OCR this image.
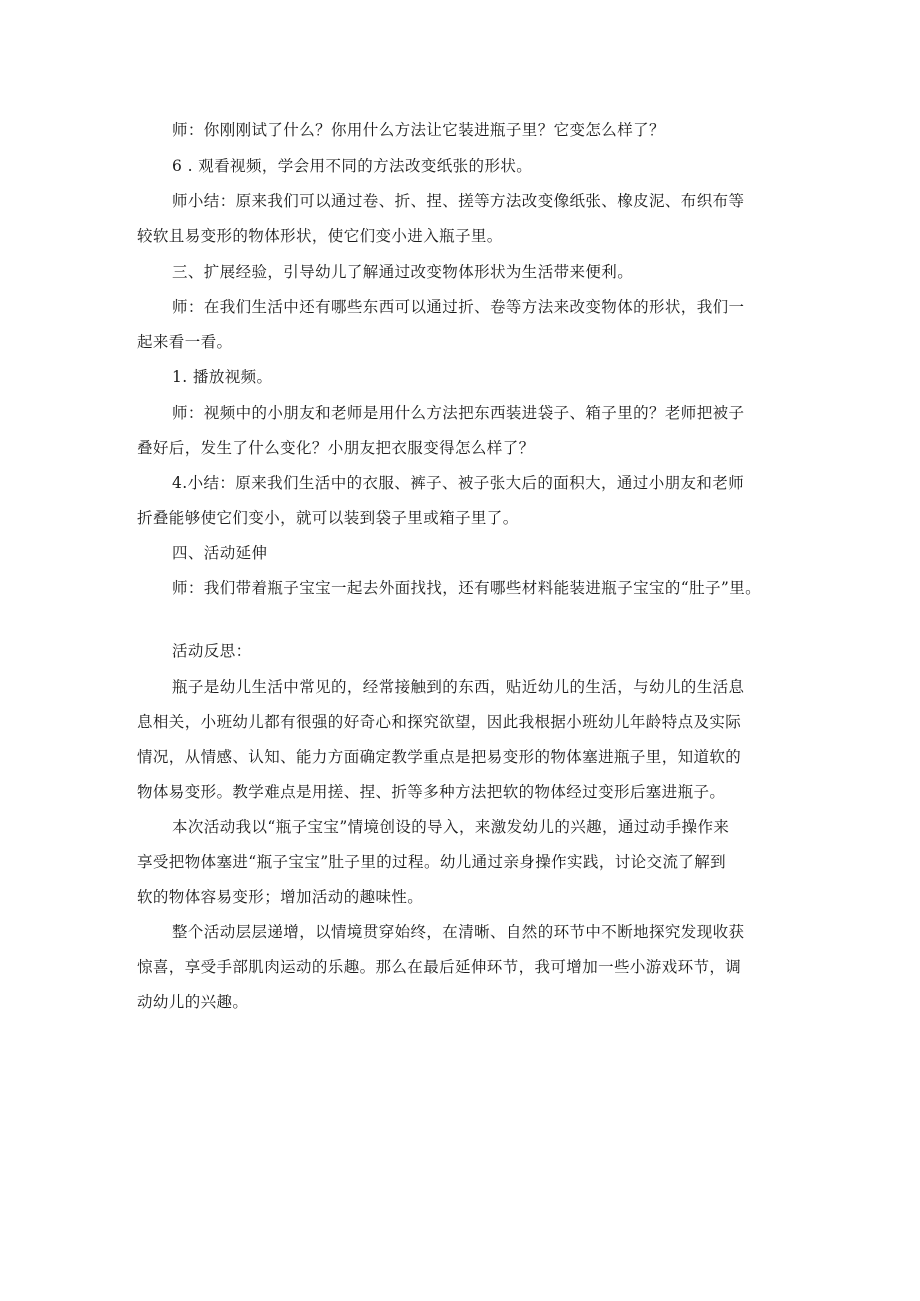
师：你刚刚试了什么？你用什么方法让它装进瓶子里？它变怎么样了？
6 . 观看视频，学会用不同的方法改变纸张的形状。
师小结：原来我们可以通过卷、折、捏、搓等方法改变像纸张、橡皮泥、布织布等
较软且易变形的物体形状，使它们变小进入瓶子里。
三、扩展经验，引导幼儿了解通过改变物体形状为生活带来便利。
师：在我们生活中还有哪些东西可以通过折、卷等方法来改变物体的形状，我们一
起来看一看。
1. 播放视频。
师：视频中的小朋友和老师是用什么方法把东西装进袋子、箱子里的？老师把被子
叠好后，发生了什么变化？小朋友把衣服变得怎么样了？
4.小结：原来我们生活中的衣服、裤子、被子张大后的面积大，通过小朋友和老师
折叠能够使它们变小，就可以装到袋子里或箱子里了。
四、活动延伸
师：我们带着瓶子宝宝一起去外面找找，还有哪些材料能装进瓶子宝宝的“肚子”里。
活动反思：
瓶子是幼儿生活中常见的，经常接触到的东西，贴近幼儿的生活，与幼儿的生活息
息相关，小班幼儿都有很强的好奇心和探究欲望，因此我根据小班幼儿年龄特点及实际
情况，从情感、认知、能力方面确定教学重点是把易变形的物体塞进瓶子里，知道软的
物体易变形。教学难点是用搓、捏、折等多种方法把软的物体经过变形后塞进瓶子。
本次活动我以“瓶子宝宝”情境创设的导入，来激发幼儿的兴趣，通过动手操作来
享受把物体塞进“瓶子宝宝”肚子里的过程。幼儿通过亲身操作实践，讨论交流了解到
软的物体容易变形；增加活动的趣味性。
整个活动层层递增，以情境贯穿始终，在清晰、自然的环节中不断地探究发现收获
惊喜，享受手部肌肉运动的乐趣。那么在最后延伸环节，我可增加一些小游戏环节，调
动幼儿的兴趣。
